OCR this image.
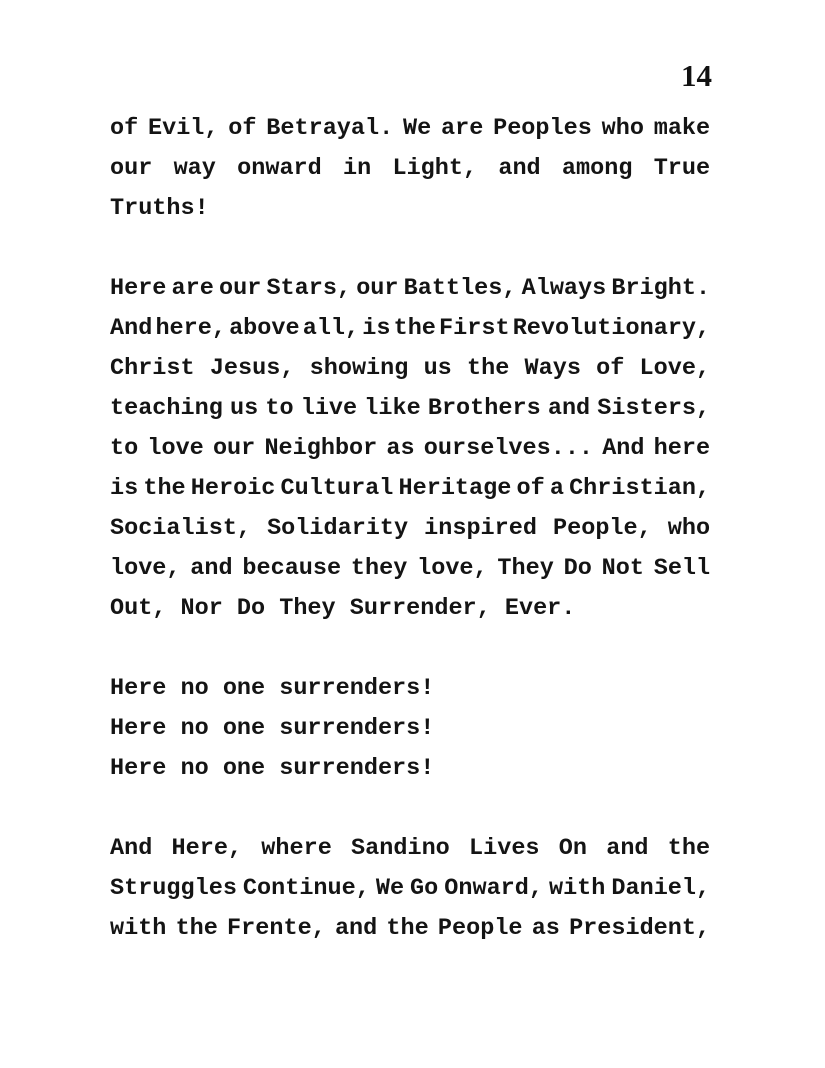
14
of Evil, of Betrayal. We are Peoples who make
our way onward in Light, and among True
Truths!
Here are our Stars, our Battles, Always Bright.
And here, above all, is the First Revolutionary,
Christ Jesus, showing us the Ways of Love,
teaching us to live like Brothers and Sisters,
to love our Neighbor as ourselves... And here
is the Heroic Cultural Heritage of a Christian,
Socialist, Solidarity inspired People, who
love, and because they love, They Do Not Sell
Out, Nor Do They Surrender, Ever.
Here no one surrenders!
Here no one surrenders!
Here no one surrenders!
And Here, where Sandino Lives On and the
Struggles Continue, We Go Onward, with Daniel,
with the Frente, and the People as President,
